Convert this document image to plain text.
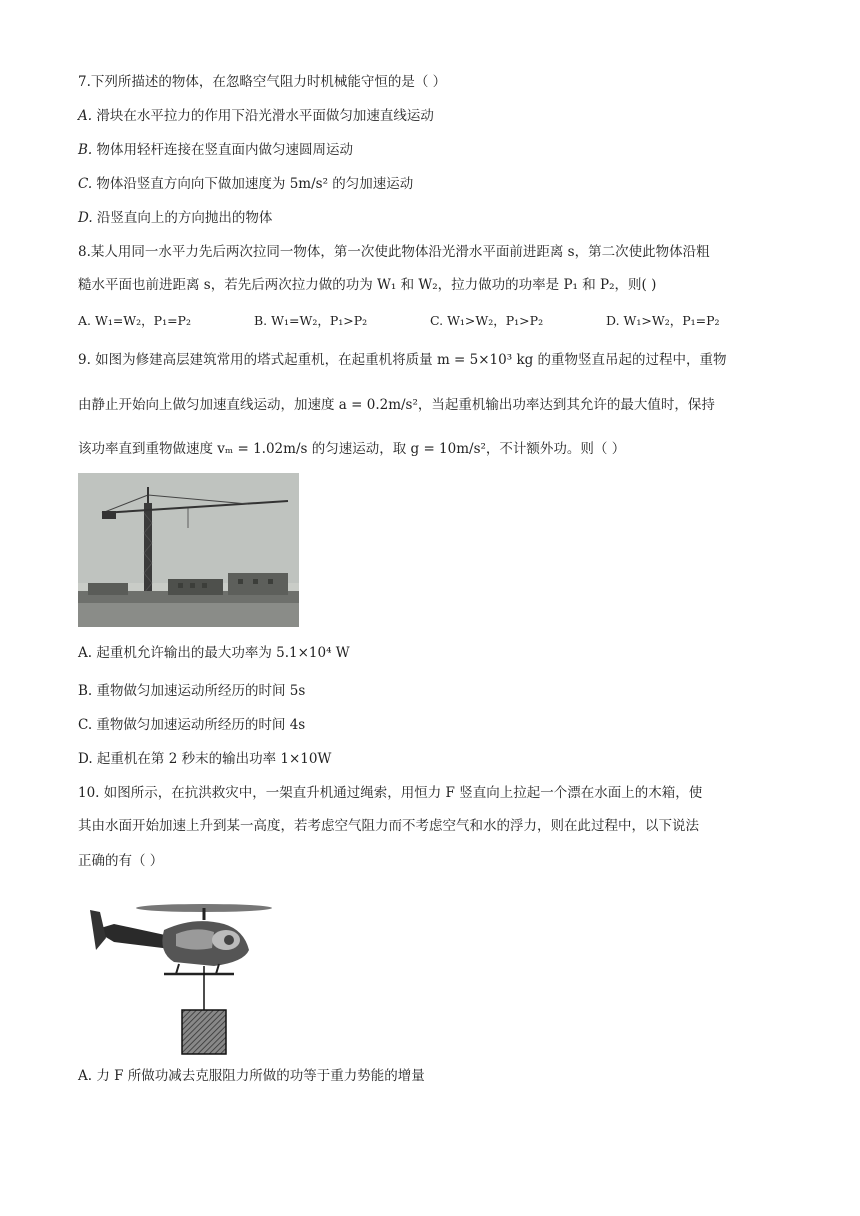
7.下列所描述的物体，在忽略空气阻力时机械能守恒的是（ ）
A. 滑块在水平拉力的作用下沿光滑水平面做匀加速直线运动
B. 物体用轻杆连接在竖直面内做匀速圆周运动
C. 物体沿竖直方向向下做加速度为 5m/s² 的匀加速运动
D. 沿竖直向上的方向抛出的物体
8.某人用同一水平力先后两次拉同一物体，第一次使此物体沿光滑水平面前进距离 s，第二次使此物体沿粗
糙水平面也前进距离 s，若先后两次拉力做的功为 W₁ 和 W₂，拉力做功的功率是 P₁ 和 P₂，则( )
A. W₁=W₂，P₁=P₂	B. W₁=W₂，P₁>P₂	C. W₁>W₂，P₁>P₂	D. W₁>W₂，P₁=P₂
9. 如图为修建高层建筑常用的塔式起重机，在起重机将质量 m = 5×10³ kg 的重物竖直吊起的过程中，重物
由静止开始向上做匀加速直线运动，加速度 a = 0.2m/s²，当起重机输出功率达到其允许的最大值时，保持
该功率直到重物做速度 vₘ = 1.02m/s 的匀速运动，取 g = 10m/s²，不计额外功。则（ ）
A. 起重机允许输出的最大功率为 5.1×10⁴ W
B. 重物做匀加速运动所经历的时间 5s
C. 重物做匀加速运动所经历的时间 4s
D. 起重机在第 2 秒末的输出功率 1×10W
10. 如图所示，在抗洪救灾中，一架直升机通过绳索，用恒力 F 竖直向上拉起一个漂在水面上的木箱，使
其由水面开始加速上升到某一高度，若考虑空气阻力而不考虑空气和水的浮力，则在此过程中，以下说法
正确的有（ ）
A. 力 F 所做功减去克服阻力所做的功等于重力势能的增量
